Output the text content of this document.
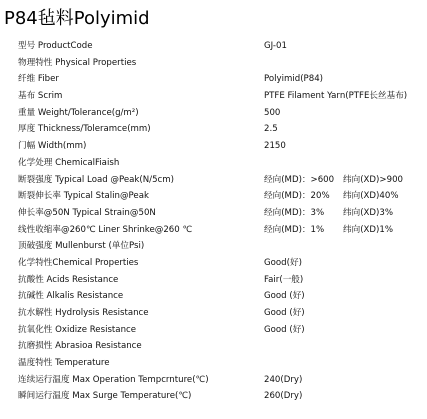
P84毡料Polyimid
型号 ProductCode	GJ-01
物理特性 Physical Properties
纤维 Fiber	Polyimid(P84)
基布 Scrim	PTFE Filament Yarn(PTFE长丝基布)
重量 Weight/Tolerance(g/m²)	500
厚度 Thickness/Toleramce(mm)	2.5
门幅 Width(mm)	2150
化学处理 ChemicalFiaish
断裂强度 Typical Load @Peak(N/5cm)	经向(MD)：>600 纬向(XD)>900
断裂伸长率 Typical Stalin@Peak	经向(MD)：20% 纬向(XD)40%
伸长率@50N Typical Strain@50N	经向(MD)：3% 纬向(XD)3%
线性收缩率@260℃ Liner Shrinke@260 ℃	经向(MD)：1% 纬向(XD)1%
顶破强度 Mullenburst (单位Psi)
化学特性Chemical Properties	Good(好)
抗酸性 Acids Resistance	Fair(一般)
抗碱性 Alkalis Resistance	Good (好)
抗水解性 Hydrolysis Resistance	Good (好)
抗氧化性 Oxidize Resistance	Good (好)
抗磨损性 Abrasioa Resistance
温度特性 Temperature
连续运行温度 Max Operation Tempcrnture(℃)	240(Dry)
瞬间运行温度 Max Surge Temperature(℃)	260(Dry)
